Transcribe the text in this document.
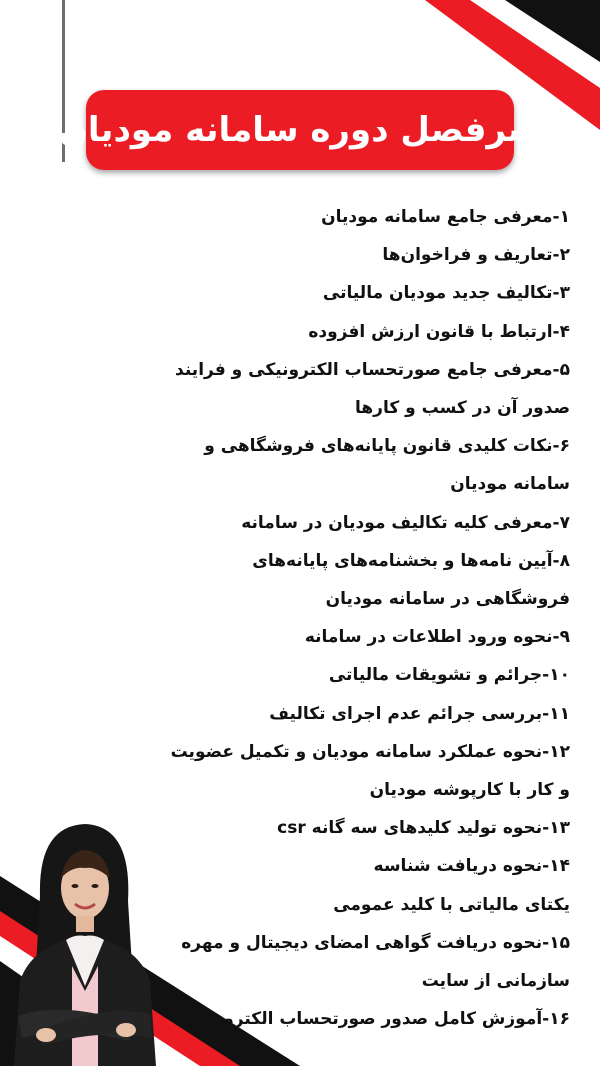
سرفصل دوره سامانه مودیان
۱-معرفی جامع سامانه مودیان
۲-تعاریف و فراخوان‌ها
۳-تکالیف جدید مودیان مالیاتی
۴-ارتباط با قانون ارزش افزوده
۵-معرفی جامع صورتحساب الکترونیکی و فرایند
صدور آن در کسب و کارها
۶-نکات کلیدی قانون پایانه‌های فروشگاهی و
سامانه مودیان
۷-معرفی کلیه تکالیف مودیان در سامانه
۸-آیین نامه‌ها و بخشنامه‌های پایانه‌های
فروشگاهی در سامانه مودیان
۹-نحوه ورود اطلاعات در سامانه
۱۰-جرائم و تشویقات مالیاتی
۱۱-بررسی جرائم عدم اجرای تکالیف
۱۲-نحوه عملکرد سامانه مودیان و تکمیل عضویت
و کار با کارپوشه مودیان
۱۳-نحوه تولید کلیدهای سه گانه csr
۱۴-نحوه دریافت شناسه
یکتای مالیاتی با کلید عمومی
۱۵-نحوه دریافت گواهی امضای دیجیتال و مهره
سازمانی از سایت
۱۶-آموزش کامل صدور صورتحساب الکترونیکی
